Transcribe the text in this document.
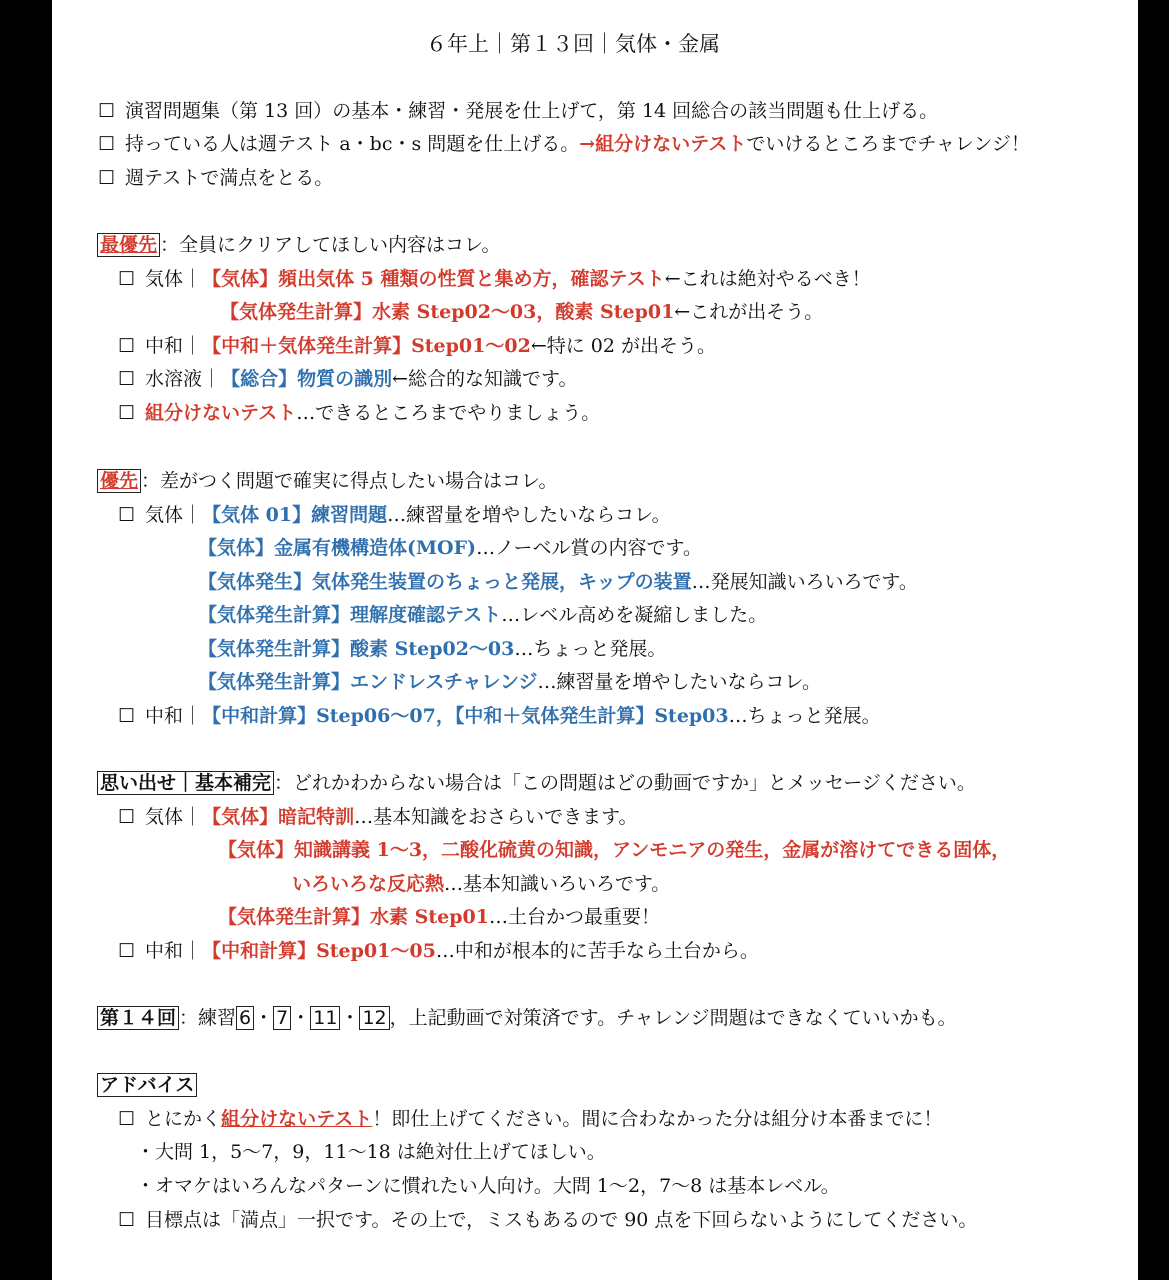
６年上｜第１３回｜気体・金属
☐ 演習問題集（第 13 回）の基本・練習・発展を仕上げて，第 14 回総合の該当問題も仕上げる。
☐ 持っている人は週テスト a・bc・s 問題を仕上げる。→組分けないテストでいけるところまでチャレンジ！
☐ 週テストで満点をとる。
最優先 ：全員にクリアしてほしい内容はコレ。
☐ 気体｜【気体】頻出気体 5 種類の性質と集め方，確認テスト←これは絶対やるべき！
【気体発生計算】水素 Step02〜03，酸素 Step01←これが出そう。
☐ 中和｜【中和＋気体発生計算】Step01〜02←特に 02 が出そう。
☐ 水溶液｜【総合】物質の識別←総合的な知識です。
☐ 組分けないテスト…できるところまでやりましょう。
優先 ：差がつく問題で確実に得点したい場合はコレ。
☐ 気体｜【気体 01】練習問題…練習量を増やしたいならコレ。
【気体】金属有機構造体(MOF)…ノーベル賞の内容です。
【気体発生】気体発生装置のちょっと発展，キップの装置…発展知識いろいろです。
【気体発生計算】理解度確認テスト…レベル高めを凝縮しました。
【気体発生計算】酸素 Step02〜03…ちょっと発展。
【気体発生計算】エンドレスチャレンジ…練習量を増やしたいならコレ。
☐ 中和｜【中和計算】Step06〜07，【中和＋気体発生計算】Step03…ちょっと発展。
思い出せ｜基本補完 ：どれかわからない場合は「この問題はどの動画ですか」とメッセージください。
☐ 気体｜【気体】暗記特訓…基本知識をおさらいできます。
【気体】知識講義 1〜3，二酸化硫黄の知識，アンモニアの発生，金属が溶けてできる固体，
いろいろな反応熱…基本知識いろいろです。
【気体発生計算】水素 Step01…土台かつ最重要！
☐ 中和｜【中和計算】Step01〜05…中和が根本的に苦手なら土台から。
第１４回 ：練習 6 ・ 7 ・ 11 ・ 12 ，上記動画で対策済です。チャレンジ問題はできなくていいかも。
アドバイス
☐ とにかく組分けないテスト！即仕上げてください。間に合わなかった分は組分け本番までに！
・大問 1，5〜7，9，11〜18 は絶対仕上げてほしい。
・オマケはいろんなパターンに慣れたい人向け。大問 1〜2，7〜8 は基本レベル。
☐ 目標点は「満点」一択です。その上で，ミスもあるので 90 点を下回らないようにしてください。
